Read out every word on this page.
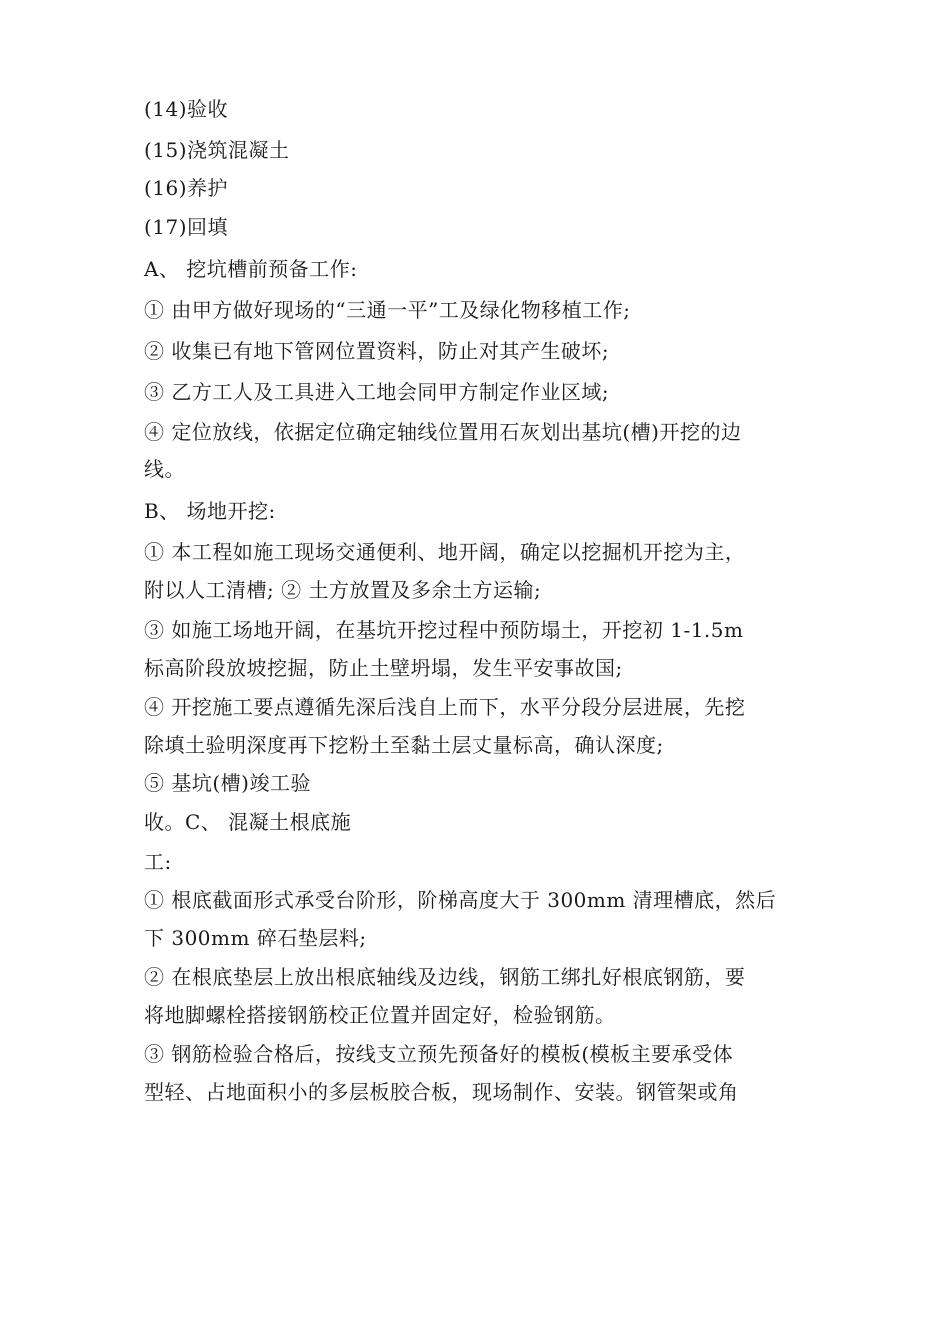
(14)验收
(15)浇筑混凝土
(16)养护
(17)回填
A、 挖坑槽前预备工作:
① 由甲方做好现场的“三通一平”工及绿化物移植工作;
② 收集已有地下管网位置资料，防止对其产生破坏;
③ 乙方工人及工具进入工地会同甲方制定作业区域;
④ 定位放线，依据定位确定轴线位置用石灰划出基坑(槽)开挖的边
线。
B、 场地开挖:
① 本工程如施工现场交通便利、地开阔，确定以挖掘机开挖为主，
附以人工清槽; ② 土方放置及多余土方运输;
③ 如施工场地开阔，在基坑开挖过程中预防塌土，开挖初 1-1.5m
标高阶段放坡挖掘，防止土壁坍塌，发生平安事故国;
④ 开挖施工要点遵循先深后浅自上而下，水平分段分层进展，先挖
除填土验明深度再下挖粉土至黏土层丈量标高，确认深度;
⑤ 基坑(槽)竣工验
收。C、 混凝土根底施
工:
① 根底截面形式承受台阶形，阶梯高度大于 300mm 清理槽底，然后
下 300mm 碎石垫层料;
② 在根底垫层上放出根底轴线及边线，钢筋工绑扎好根底钢筋，要
将地脚螺栓搭接钢筋校正位置并固定好，检验钢筋。
③ 钢筋检验合格后，按线支立预先预备好的模板(模板主要承受体
型轻、占地面积小的多层板胶合板，现场制作、安装。钢管架或角
